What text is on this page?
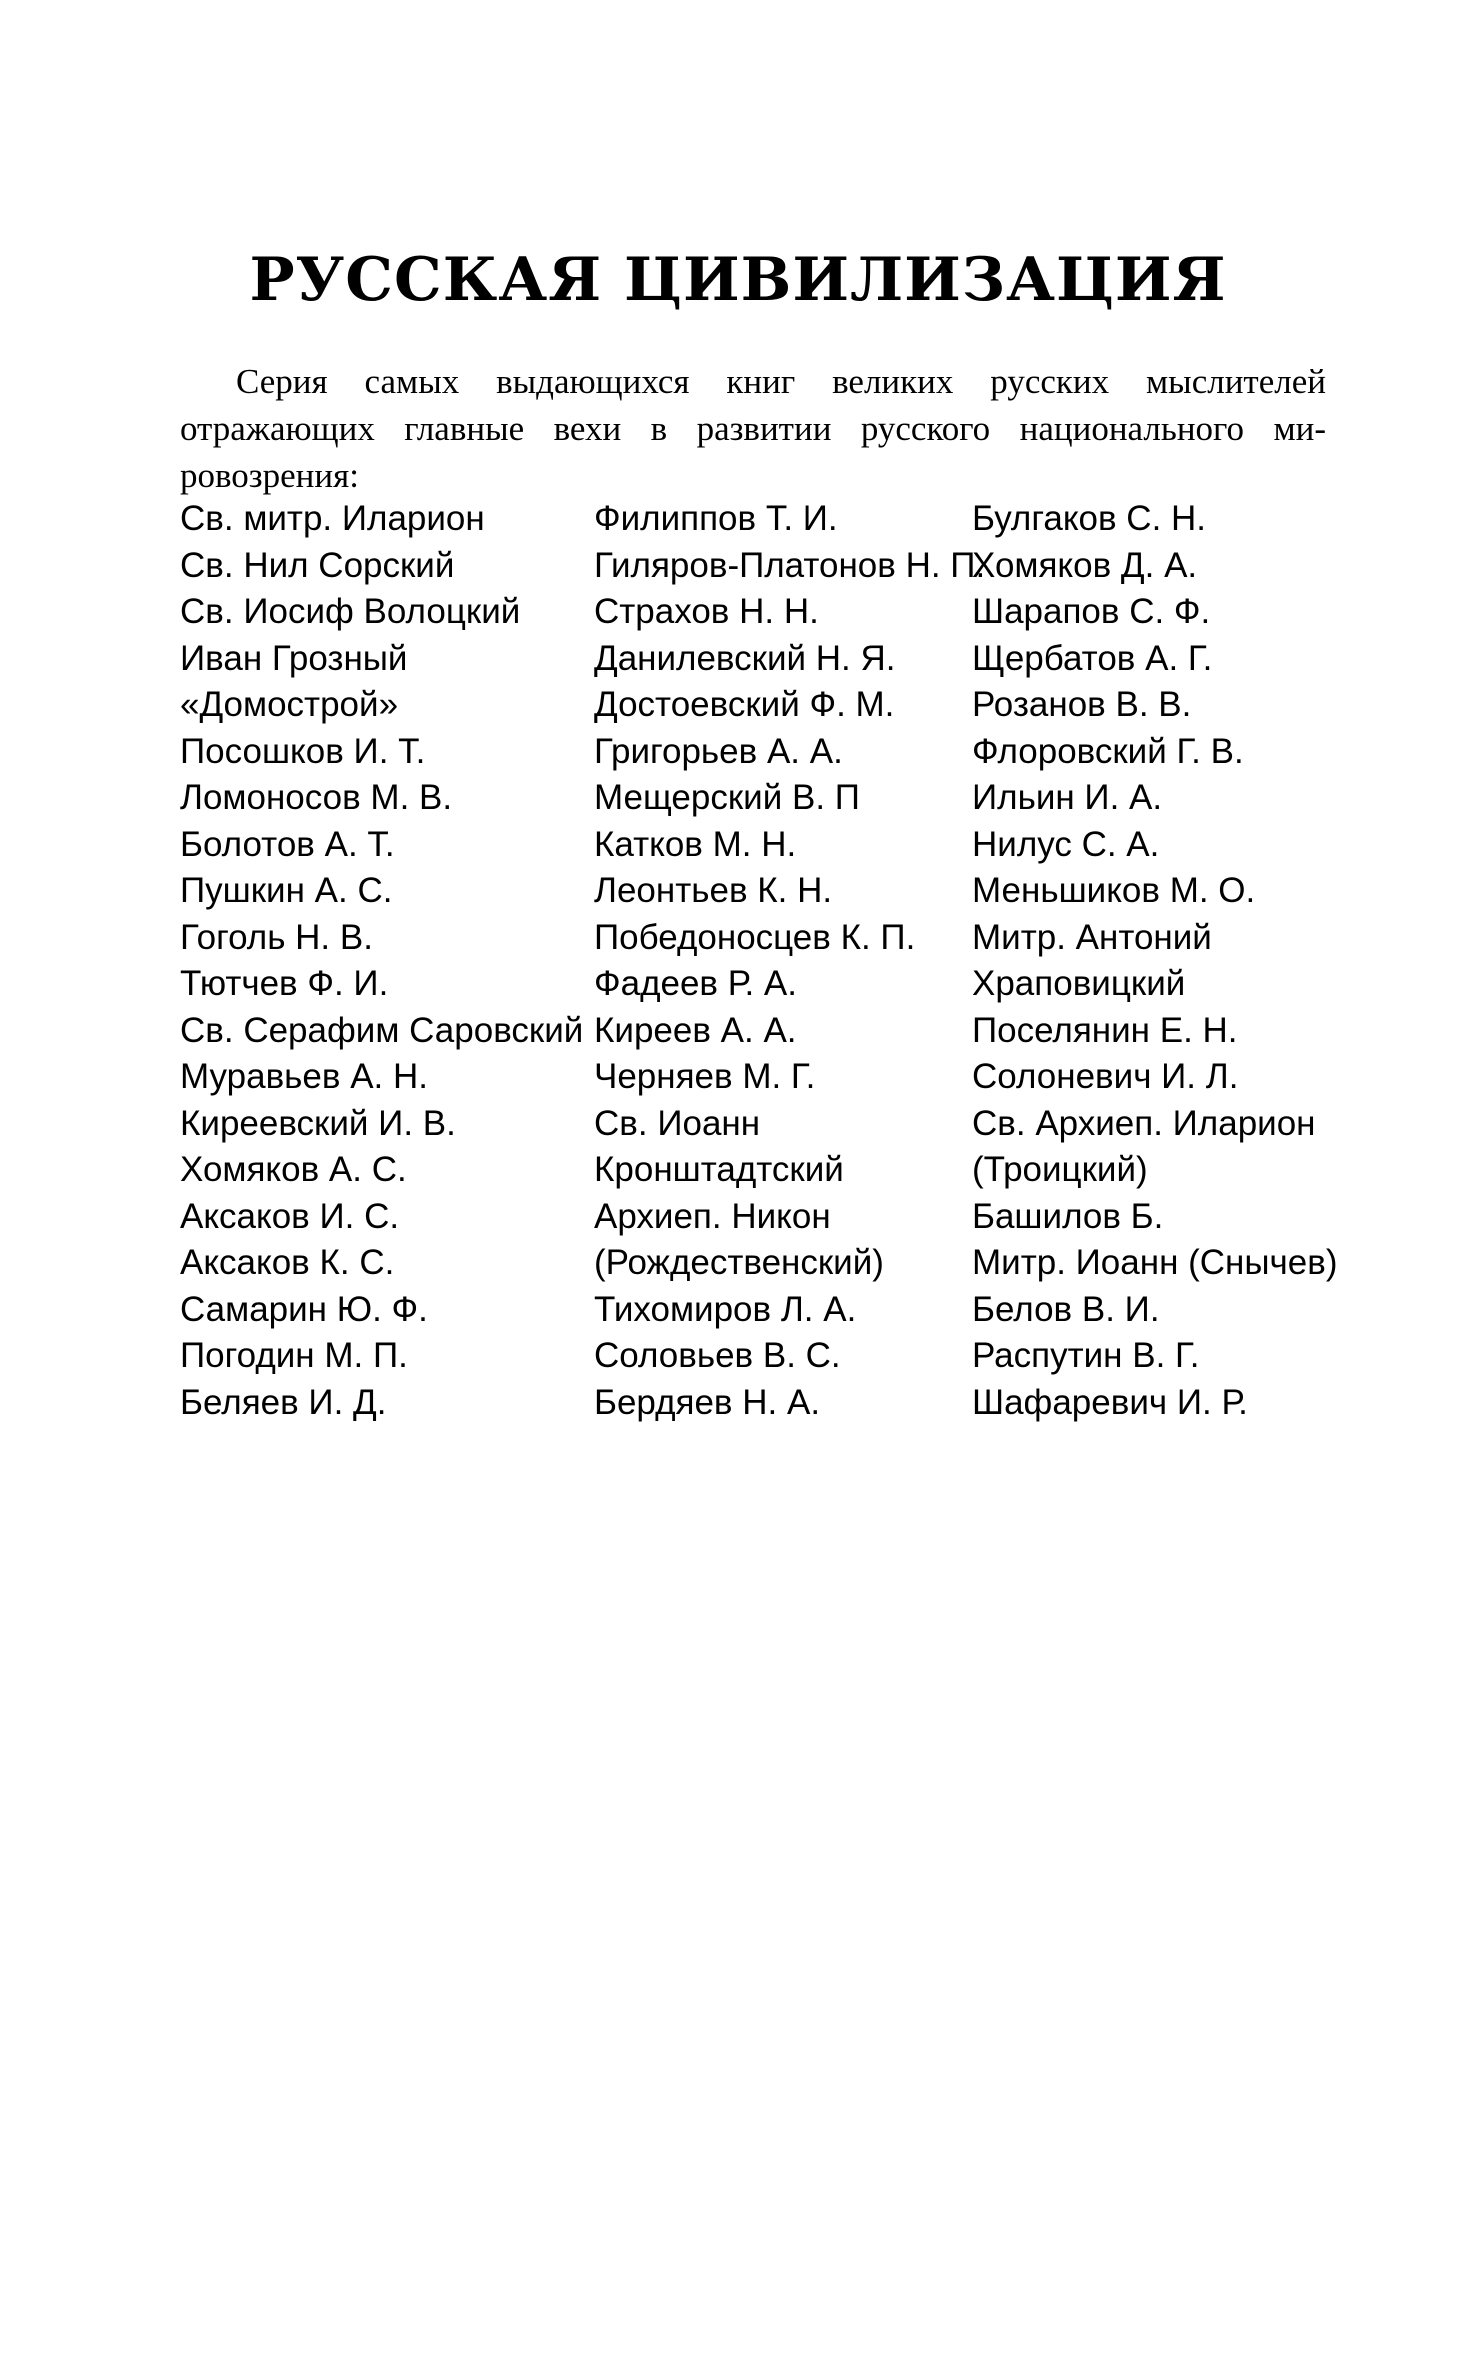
РУССКАЯ ЦИВИЛИЗАЦИЯ
Серия самых выдающихся книг великих русских мыслителей
отражающих главные вехи в развитии русского национального ми-
ровозрения:
Св. митр. Иларион
Св. Нил Сорский
Св. Иосиф Волоцкий
Иван Грозный
«Домострой»
Посошков И. Т.
Ломоносов М. В.
Болотов А. Т.
Пушкин А. С.
Гоголь Н. В.
Тютчев Ф. И.
Св. Серафим Саровский
Муравьев А. Н.
Киреевский И. В.
Хомяков А. С.
Аксаков И. С.
Аксаков К. С.
Самарин Ю. Ф.
Погодин М. П.
Беляев И. Д.
Филиппов Т. И.
Гиляров-Платонов Н. П.
Страхов Н. Н.
Данилевский Н. Я.
Достоевский Ф. М.
Григорьев А. А.
Мещерский В. П
Катков М. Н.
Леонтьев К. Н.
Победоносцев К. П.
Фадеев Р. А.
Киреев А. А.
Черняев М. Г.
Св. Иоанн
Кронштадтский
Архиеп. Никон
(Рождественский)
Тихомиров Л. А.
Соловьев В. С.
Бердяев Н. А.
Булгаков С. Н.
Хомяков Д. А.
Шарапов С. Ф.
Щербатов А. Г.
Розанов В. В.
Флоровский Г. В.
Ильин И. А.
Нилус С. А.
Меньшиков М. О.
Митр. Антоний
Храповицкий
Поселянин Е. Н.
Солоневич И. Л.
Св. Архиеп. Иларион
(Троицкий)
Башилов Б.
Митр. Иоанн (Снычев)
Белов В. И.
Распутин В. Г.
Шафаревич И. Р.
